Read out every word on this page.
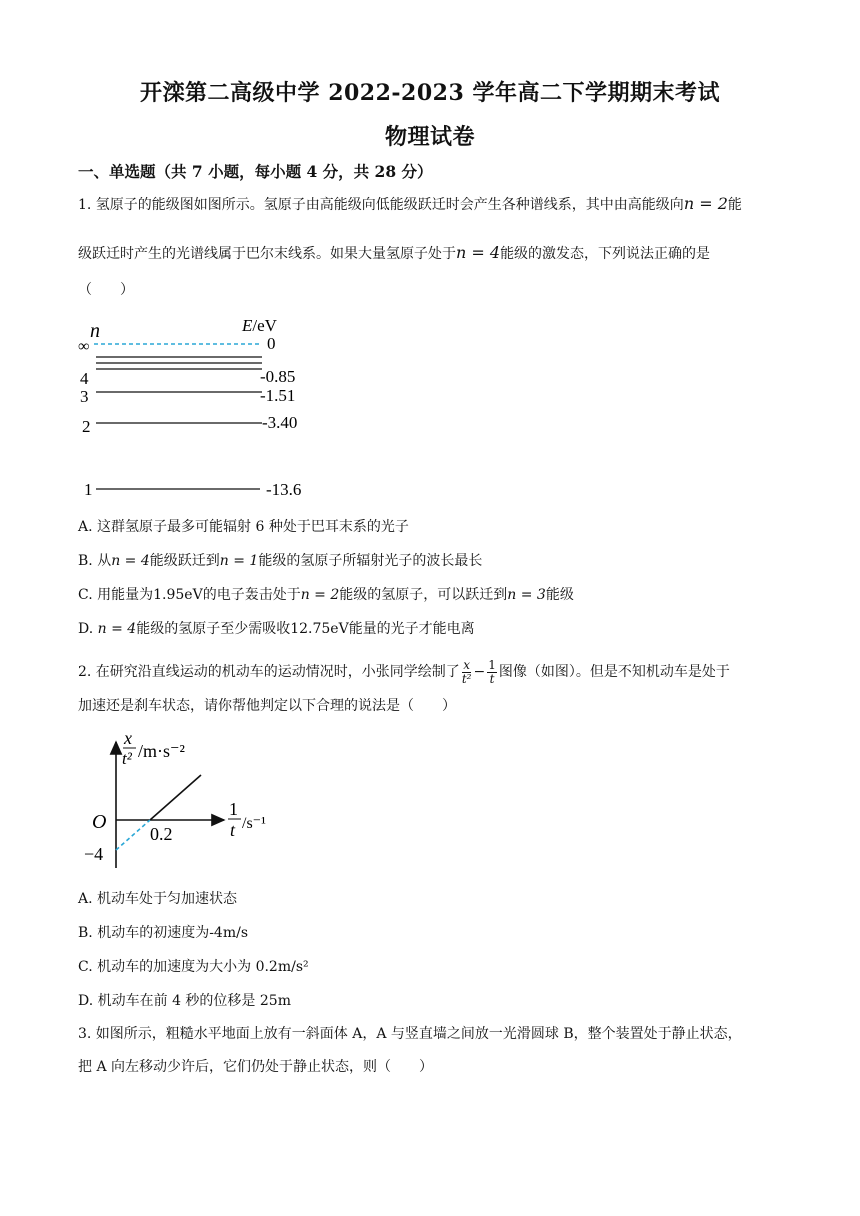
开滦第二高级中学 2022-2023 学年高二下学期期末考试
物理试卷
一、单选题（共 7 小题，每小题 4 分，共 28 分）
1. 氢原子的能级图如图所示。氢原子由高能级向低能级跃迁时会产生各种谱线系，其中由高能级向n = 2能
级跃迁时产生的光谱线属于巴尔末线系。如果大量氢原子处于n = 4能级的激发态，下列说法正确的是
（　　）
n	E/eV
∞	0
4	-0.85
3	-1.51
2	-3.40
1	-13.6
A. 这群氢原子最多可能辐射 6 种处于巴耳末系的光子
B. 从n = 4能级跃迁到n = 1能级的氢原子所辐射光子的波长最长
C. 用能量为1.95eV的电子轰击处于n = 2能级的氢原子，可以跃迁到n = 3能级
D. n = 4能级的氢原子至少需吸收12.75eV能量的光子才能电离
2. 在研究沿直线运动的机动车的运动情况时，小张同学绘制了 $\frac{x}{\text{t²}} - \frac{1}{t}$ 图像（如图）。但是不知机动车是处于
加速还是刹车状态，请你帮他判定以下合理的说法是（　　）
x
t² /m·s⁻²
1
t /s⁻¹
O
0.2
−4
A. 机动车处于匀加速状态
B. 机动车的初速度为-4m/s
C. 机动车的加速度为大小为 0.2m/s²
D. 机动车在前 4 秒的位移是 25m
3. 如图所示，粗糙水平地面上放有一斜面体 A，A 与竖直墙之间放一光滑圆球 B，整个装置处于静止状态，
把 A 向左移动少许后，它们仍处于静止状态，则（　　）
